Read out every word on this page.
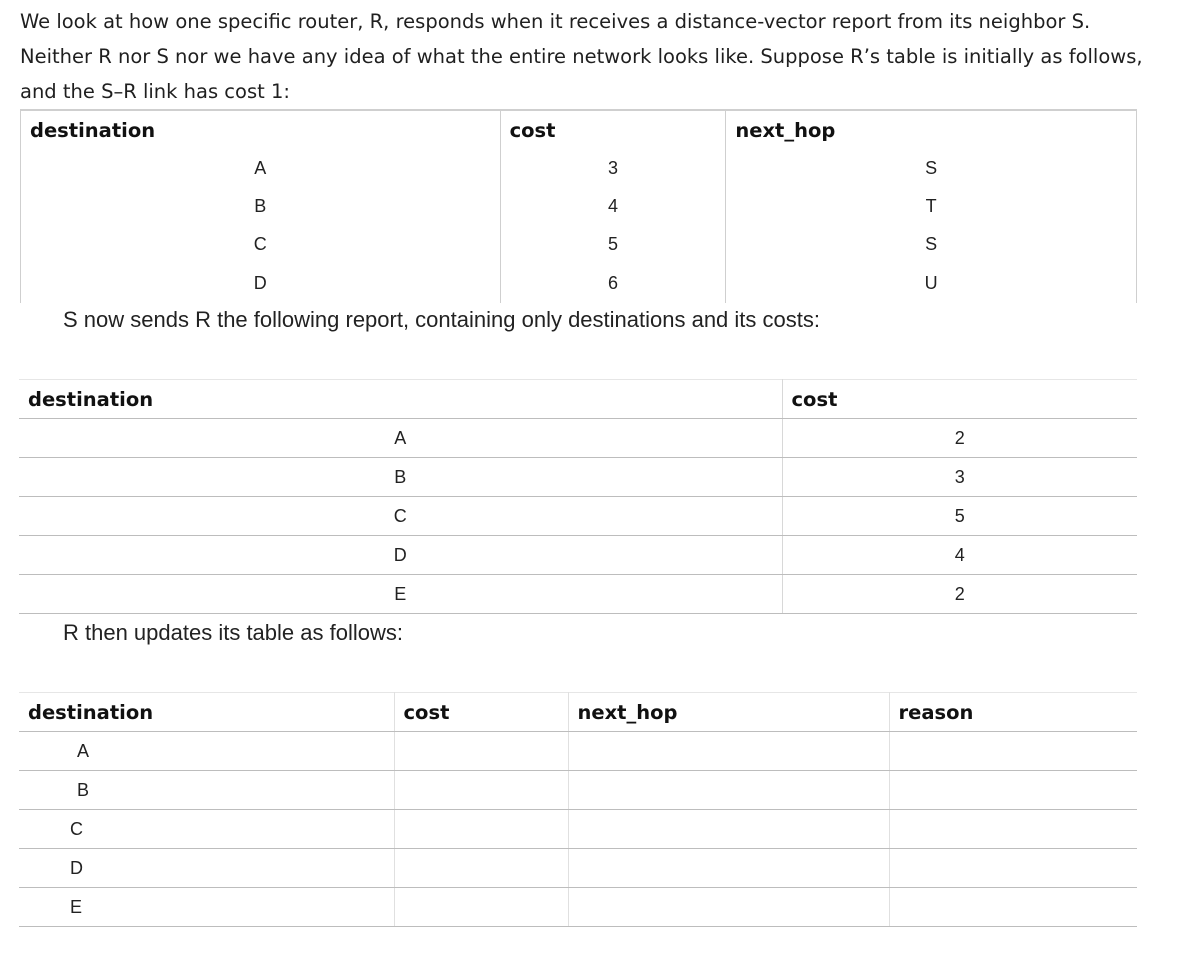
We look at how one specific router, R, responds when it receives a distance-vector report from its neighbor S.

Neither R nor S nor we have any idea of what the entire network looks like. Suppose R’s table is initially as follows,

and the S–R link has cost 1:

destination	cost	next_hop
A	3	S
B	4	T
C	5	S
D	6	U
S now sends R the following report, containing only destinations and its costs:
destination	cost
A	2
B	3
C	5
D	4
E	2
R then updates its table as follows:
destination	cost	next_hop	reason
A			
B			
C			
D			
E			
